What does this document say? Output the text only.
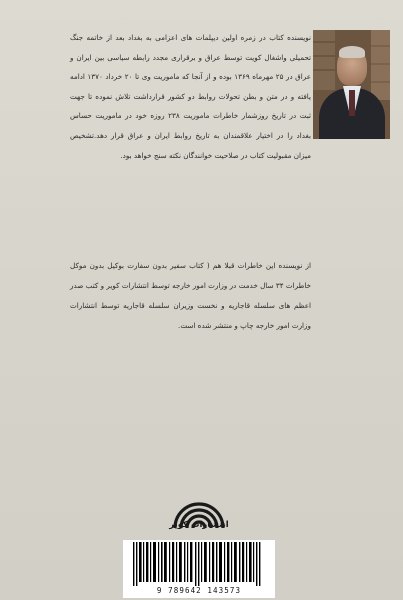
نویسنده کتاب در زمره اولین دیپلمات های اعزامی به بغداد بعد از خاتمه جنگ تحمیلی واشغال کویت توسط عراق و برقراری مجدد رابطه سیاسی بین ایران و عراق در ۲۵ مهرماه ۱۳۶۹ بوده و از آنجا که ماموریت وی تا ۲۰ خرداد ۱۳۷۰ ادامه یافته و در متن و بطن تحولات روابط دو کشور قرارداشت تلاش نموده تا جهت ثبت در تاریخ روزشمار خاطرات ماموریت ۲۳۸ روزه خود در ماموریت حساس بغداد را در اختیار علاقمندان به تاریخ روابط ایران و عراق قرار دهد.تشخیص میزان مقبولیت کتاب در صلاحیت خوانندگان نکته سنج خواهد بود.
از نویسنده این خاطرات قبلا هم ( کتاب سفیر بدون سفارت بوکیل بدون موکل خاطرات ۳۴ سال خدمت در وزارت امور خارجه توسط انتشارات کویر و کتب صدر اعظم های سلسله قاجاریه و نخست وزیران سلسله قاجاریه توسط انتشارات وزارت امور خارجه چاپ و منتشر شده است.
انتشارات کویر
9 789642 143573
